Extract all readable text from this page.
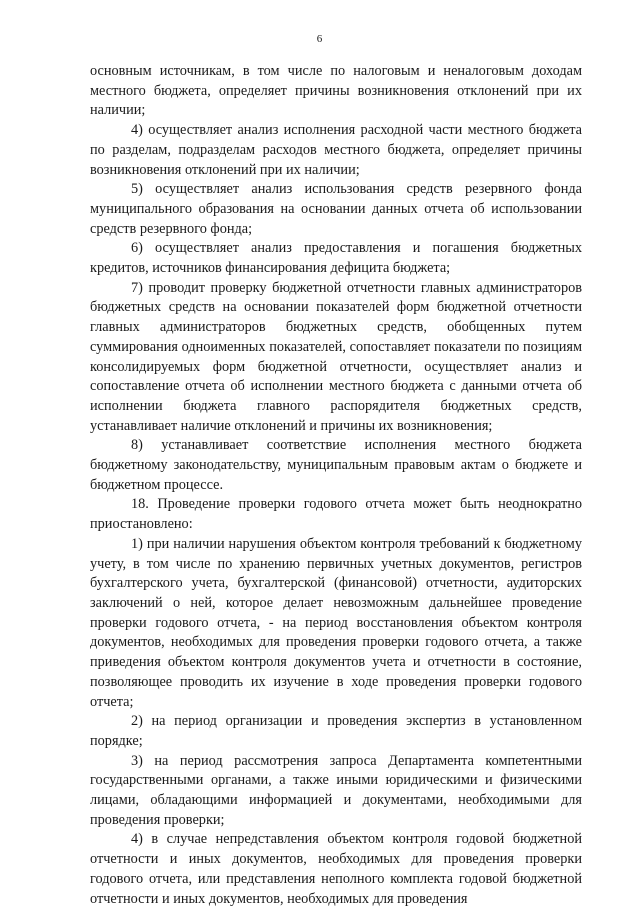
6

основным источникам, в том числе по налоговым и неналоговым доходам местного бюджета, определяет причины возникновения отклонений при их наличии;

4) осуществляет анализ исполнения расходной части местного бюджета по разделам, подразделам расходов местного бюджета, определяет причины возникновения отклонений при их наличии;

5) осуществляет анализ использования средств резервного фонда муниципального образования на основании данных отчета об использовании средств резервного фонда;

6) осуществляет анализ предоставления и погашения бюджетных кредитов, источников финансирования дефицита бюджета;

7) проводит проверку бюджетной отчетности главных администраторов бюджетных средств на основании показателей форм бюджетной отчетности главных администраторов бюджетных средств, обобщенных путем суммирования одноименных показателей, сопоставляет показатели по позициям консолидируемых форм бюджетной отчетности, осуществляет анализ и сопоставление отчета об исполнении местного бюджета с данными отчета об исполнении бюджета главного распорядителя бюджетных средств, устанавливает наличие отклонений и причины их возникновения;

8) устанавливает соответствие исполнения местного бюджета бюджетному законодательству, муниципальным правовым актам о бюджете и бюджетном процессе.

18. Проведение проверки годового отчета может быть неоднократно приостановлено:

1) при наличии нарушения объектом контроля требований к бюджетному учету, в том числе по хранению первичных учетных документов, регистров бухгалтерского учета, бухгалтерской (финансовой) отчетности, аудиторских заключений о ней, которое делает невозможным дальнейшее проведение проверки годового отчета, - на период восстановления объектом контроля документов, необходимых для проведения проверки годового отчета, а также приведения объектом контроля документов учета и отчетности в состояние, позволяющее проводить их изучение в ходе проведения проверки годового отчета;

2) на период организации и проведения экспертиз в установленном порядке;

3) на период рассмотрения запроса Департамента компетентными государственными органами, а также иными юридическими и физическими лицами, обладающими информацией и документами, необходимыми для проведения проверки;

4) в случае непредставления объектом контроля годовой бюджетной отчетности и иных документов, необходимых для проведения проверки годового отчета, или представления неполного комплекта годовой бюджетной отчетности и иных документов, необходимых для проведения
